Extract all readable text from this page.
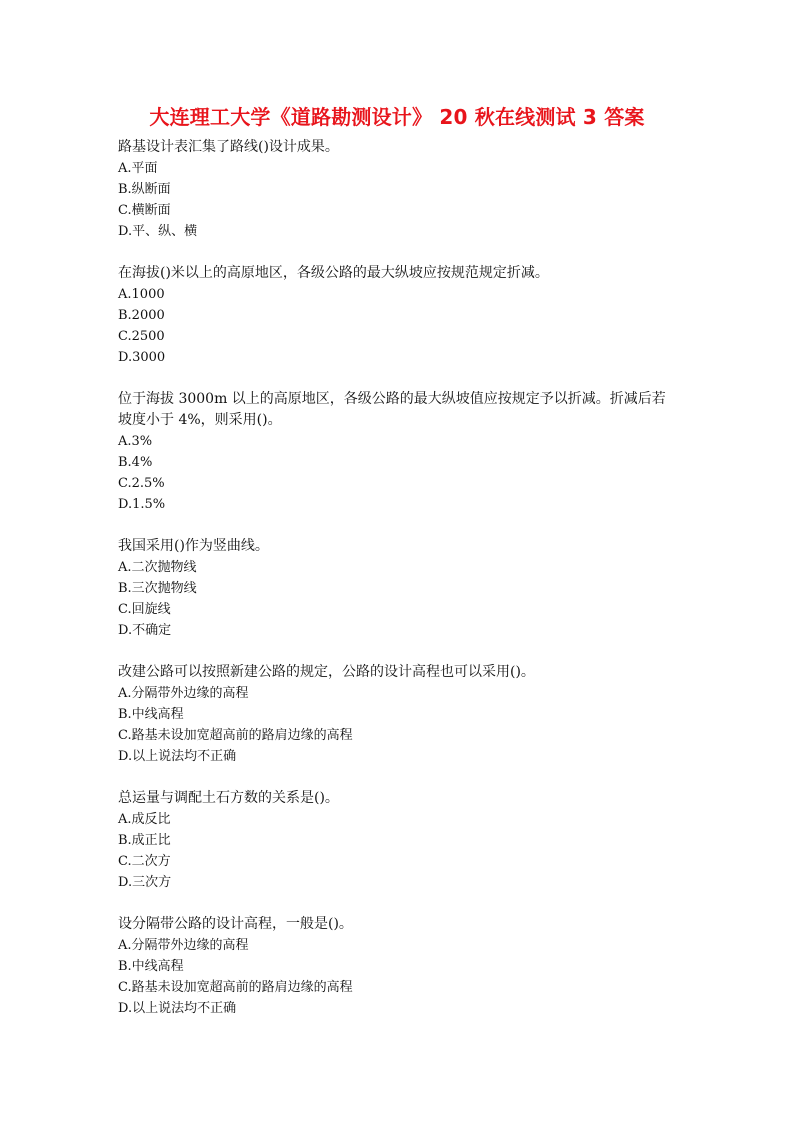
大连理工大学《道路勘测设计》 20 秋在线测试 3 答案

路基设计表汇集了路线()设计成果。

A.平面

B.纵断面

C.横断面

D.平、纵、横

在海拔()米以上的高原地区，各级公路的最大纵坡应按规范规定折减。

A.1000

B.2000

C.2500

D.3000

位于海拔 3000m 以上的高原地区，各级公路的最大纵坡值应按规定予以折减。折减后若坡度小于 4%，则采用()。

A.3%

B.4%

C.2.5%

D.1.5%

我国采用()作为竖曲线。

A.二次抛物线

B.三次抛物线

C.回旋线

D.不确定

改建公路可以按照新建公路的规定，公路的设计高程也可以采用()。

A.分隔带外边缘的高程

B.中线高程

C.路基未设加宽超高前的路肩边缘的高程

D.以上说法均不正确

总运量与调配土石方数的关系是()。

A.成反比

B.成正比

C.二次方

D.三次方

设分隔带公路的设计高程，一般是()。

A.分隔带外边缘的高程

B.中线高程

C.路基未设加宽超高前的路肩边缘的高程

D.以上说法均不正确
